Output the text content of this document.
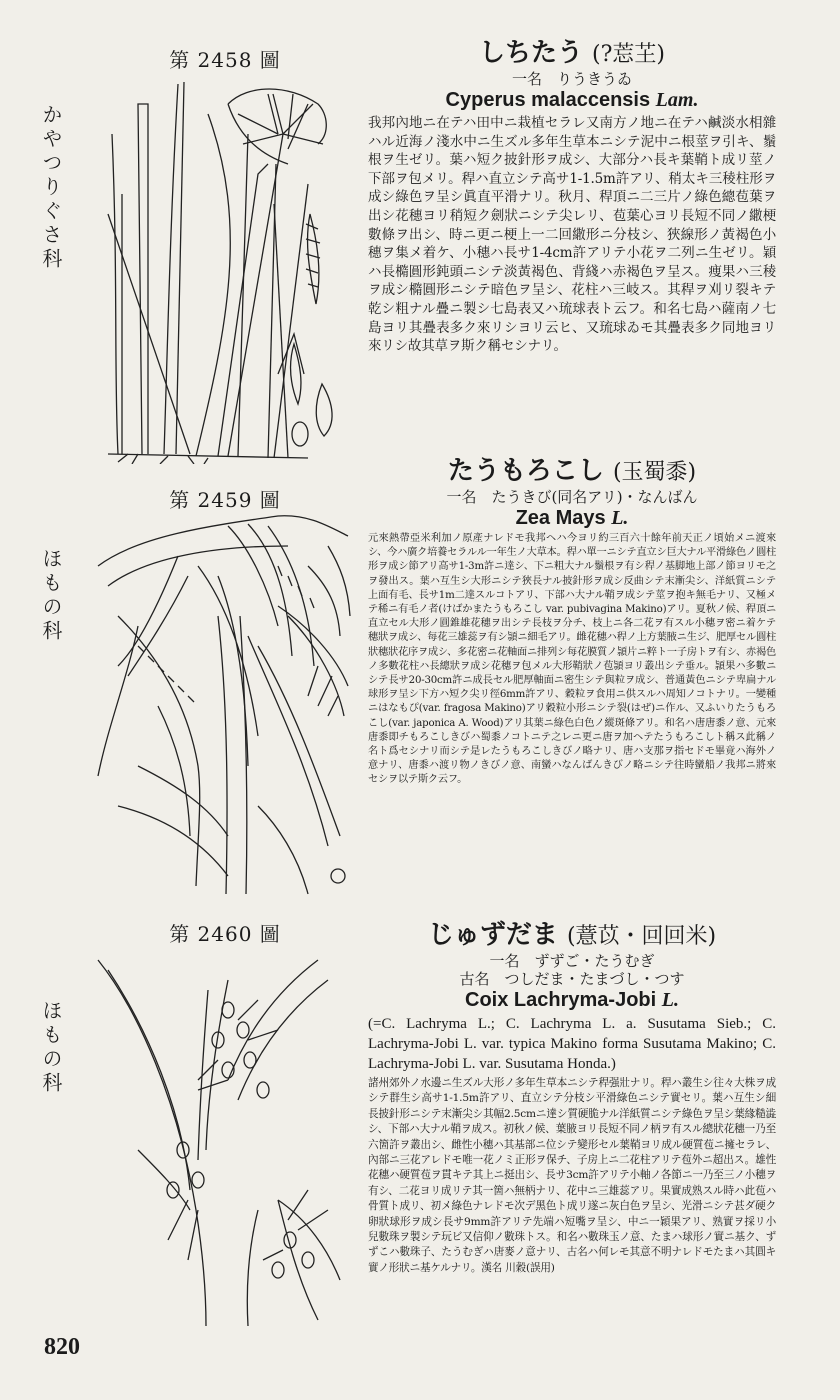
第 2458 圖
かやつりぐさ科
しちたう (?莣芏)
一名　りうきうゐ
Cyperus malaccensis Lam.
我邦內地ニ在テハ田中ニ栽植セラレ又南方ノ地ニ在テハ鹹淡水相雜ハル近海ノ淺水中ニ生ズル多年生草本ニシテ泥中ニ根莖ヲ引キ、鬚根ヲ生ゼリ。葉ハ短ク披針形ヲ成シ、大部分ハ長キ葉鞘ト成リ莖ノ下部ヲ包メリ。稈ハ直立シテ高サ1-1.5m許アリ、稍太キ三稜柱形ヲ成シ綠色ヲ呈シ眞直平滑ナリ。秋月、稈頂ニ二三片ノ綠色總苞葉ヲ出シ花穗ヨリ稍短ク劍狀ニシテ尖レリ、苞葉心ヨリ長短不同ノ繖梗數條ヲ出シ、時ニ更ニ梗上一二回繖形ニ分枝シ、狹線形ノ黃褐色小穗ヲ集メ着ケ、小穗ハ長サ1-4cm許アリテ小花ヲ二列ニ生ゼリ。穎ハ長橢圓形鈍頭ニシテ淡黃褐色、背綫ハ赤褐色ヲ呈ス。痩果ハ三稜ヲ成シ橢圓形ニシテ暗色ヲ呈シ、花柱ハ三岐ス。其稈ヲ刈リ裂キテ乾シ粗ナル疊ニ製シ七島表又ハ琉球表ト云フ。和名七島ハ薩南ノ七島ヨリ其疊表多ク來リシヨリ云ヒ、又琉球ゐモ其疊表多ク同地ヨリ來リシ故其草ヲ斯ク稱セシナリ。
第 2459 圖
ほもの科
たうもろこし (玉蜀黍)
一名　たうきび(同名アリ)・なんばん
Zea Mays L.
元來熱帶亞米利加ノ原產ナレドモ我邦ヘハ今ヨリ約三百六十餘年前天正ノ頃始メニ渡來シ、今ハ廣ク培養セラルル一年生ノ大草本。稈ハ單一ニシテ直立シ巨大ナル平滑綠色ノ圓柱形ヲ成シ節アリ高サ1-3m許ニ達シ、下ニ粗大ナル鬚根ヲ有シ稈ノ基脚地上部ノ節ヨリモ之ヲ發出ス。葉ハ互生シ大形ニシテ狹長ナル披針形ヲ成シ反曲シテ末漸尖シ、洋紙質ニシテ上面有毛、長サ1m二達スルコトアリ、下部ハ大ナル鞘ヲ成シテ莖ヲ抱キ無毛ナリ、又極メテ稀ニ有毛ノ者(けばかまたうもろこし var. pubivagina Makino)アリ。夏秋ノ候、稈頂ニ直立セル大形ノ圓錐雄花穗ヲ出シテ長枝ヲ分チ、枝上ニ各二花ヲ有スル小穗ヲ密ニ着ケテ穗狀ヲ成シ、每花三雄蕊ヲ有シ頴ニ細毛アリ。雌花穗ハ稈ノ上方葉腋ニ生ジ、肥厚セル圓柱狀穗狀花序ヲ成シ、多花密ニ花軸面ニ排列シ每花膜質ノ頴片ニ粹ト一子房トヲ有シ、赤褐色ノ多數花柱ハ長總狀ヲ成シ花穗ヲ包メル大形鞘狀ノ苞頴ヨリ叢出シテ垂ル。頴果ハ多數ニシテ長サ20-30cm許ニ成長セル肥厚軸面ニ密生シテ與粒ヲ成シ、普通黃色ニシテ卑扁ナル球形ヲ呈シ下方ハ短ク尖リ徑6mm許アリ、穀粒ヲ食用ニ供スルハ周知ノコトナリ。一變種ニはなもぴ(var. fragosa Makino)アリ穀粒小形ニシテ裂(はぜ)ニ作ル、又ふいりたうもろこし(var. japonica A. Wood)アリ其葉ニ綠色白色ノ縱斑條アリ。和名ハ唐唐黍ノ意、元來唐黍即チもろこしきびハ蜀黍ノコトニテ之レニ更ニ唐ヲ加ヘテたうもろこしト稱ス此稱ノ名ト爲セシナリ而シテ是レたうもろこしきびノ略ナリ、唐ハ支那ヲ指セドモ畢竟ハ海外ノ意ナリ、唐黍ハ渡リ物ノきびノ意、南蠻ハなんばんきびノ略ニシテ往時蠻船ノ我邦ニ將來セシヲ以テ斯ク云フ。
第 2460 圖
ほもの科
じゅずだま (薏苡・回回米)
一名　ずずご・たうむぎ
古名　つしだま・たまづし・つす
Coix Lachryma-Jobi L.
(=C. Lachryma L.; C. Lachryma L. a. Susutama Sieb.; C. Lachryma-Jobi L. var. typica Makino forma Susutama Makino; C. Lachryma-Jobi L. var. Susutama Honda.)
諸州郊外ノ水邊ニ生ズル大形ノ多年生草本ニシテ稈强壯ナリ。稈ハ叢生シ往々大株ヲ成シテ群生シ高サ1-1.5m許アリ、直立シテ分枝シ平滑綠色ニシテ實セリ。葉ハ互生シ細長披針形ニシテ末漸尖シ其幅2.5cmニ達シ質硬脆ナル洋紙質ニシテ綠色ヲ呈シ葉緣糙澁シ、下部ハ大ナル鞘ヲ成ス。初秋ノ候、葉腋ヨリ長短不同ノ柄ヲ有スル總狀花穗一乃至六箇許ヲ叢出シ、雌性小穗ハ其基部ニ位シテ變形セル葉鞘ヨリ成ル硬質苞ニ擁セラレ、內部ニ三花アレドモ唯一花ノミ正形ヲ保チ、子房上ニ二花柱アリテ苞外ニ超出ス。雄性花穗ハ硬質苞ヲ貫キテ其上ニ挺出シ、長サ3cm許アリテ小軸ノ各節ニ一乃至三ノ小穗ヲ有シ、二花ヨリ成リテ其一箇ハ無柄ナリ、花中ニ三雄蕊アリ。果實成熟スル時ハ此苞ハ骨質ト成リ、初メ綠色ナレドモ次デ黑色ト成リ遂ニ灰白色ヲ呈シ、光滑ニシテ甚ダ硬ク卵狀球形ヲ成シ長サ9mm許アリテ先端ハ短嘴ヲ呈シ、中ニ一穎果アリ、熟實ヲ採リ小兒數珠ヲ製シテ玩ビ又信仰ノ數珠トス。和名ハ數珠玉ノ意、たまハ球形ノ實ニ基ク、ずずこハ數珠子、たうむぎハ唐麥ノ意ナリ、古名ハ何レモ其意不明ナレドモたまハ其圓キ實ノ形狀ニ基ケルナリ。漢名 川穀(誤用)
820
